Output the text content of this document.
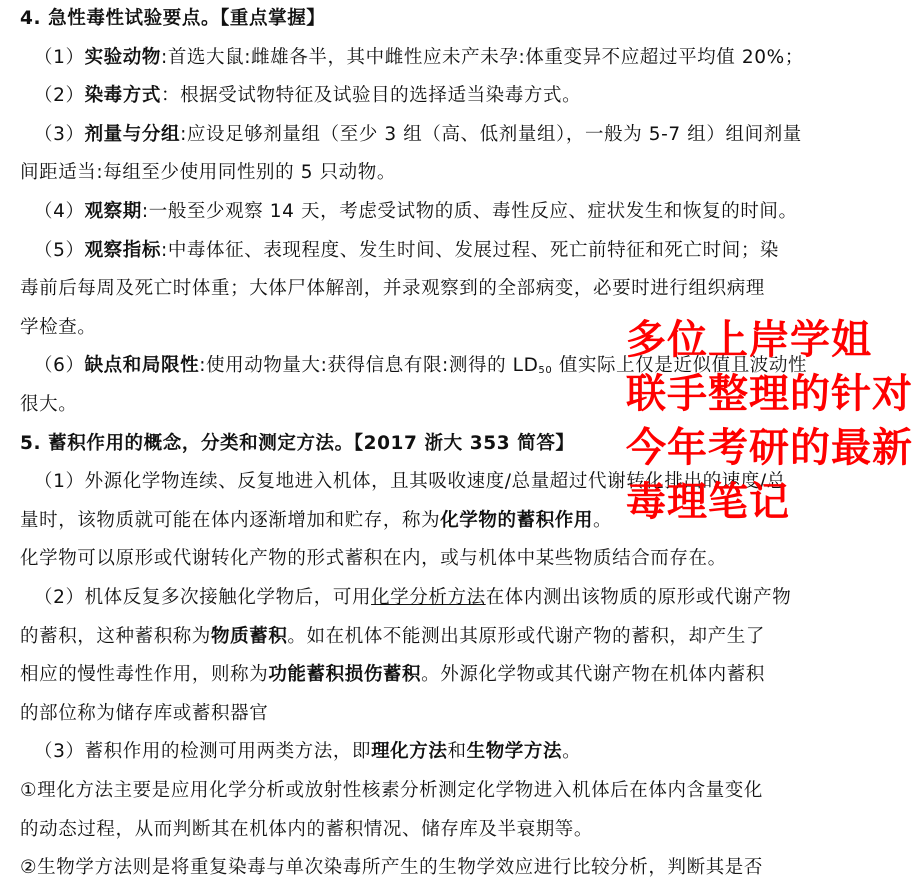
4. 急性毒性试验要点。【重点掌握】
（1）实验动物:首选大鼠:雌雄各半，其中雌性应未产未孕:体重变异不应超过平均值 20%；
（2）染毒方式：根据受试物特征及试验目的选择适当染毒方式。
（3）剂量与分组:应设足够剂量组（至少 3 组（高、低剂量组），一般为 5-7 组）组间剂量
间距适当:每组至少使用同性别的 5 只动物。
（4）观察期:一般至少观察 14 天，考虑受试物的质、毒性反应、症状发生和恢复的时间。
（5）观察指标:中毒体征、表现程度、发生时间、发展过程、死亡前特征和死亡时间；染
毒前后每周及死亡时体重；大体尸体解剖，并录观察到的全部病变，必要时进行组织病理
学检查。
（6）缺点和局限性:使用动物量大:获得信息有限:测得的 $LD_{50}$ 值实际上仅是近似值且波动性
很大。
5. 蓄积作用的概念，分类和测定方法。【2017 浙大 353 简答】
（1）外源化学物连续、反复地进入机体，且其吸收速度/总量超过代谢转化排出的速度/总
量时，该物质就可能在体内逐渐增加和贮存，称为化学物的蓄积作用。
化学物可以原形或代谢转化产物的形式蓄积在内，或与机体中某些物质结合而存在。
（2）机体反复多次接触化学物后，可用化学分析方法在体内测出该物质的原形或代谢产物
的蓄积，这种蓄积称为物质蓄积。如在机体不能测出其原形或代谢产物的蓄积，却产生了
相应的慢性毒性作用，则称为功能蓄积损伤蓄积。外源化学物或其代谢产物在机体内蓄积
的部位称为储存库或蓄积器官
（3）蓄积作用的检测可用两类方法，即理化方法和生物学方法。
①理化方法主要是应用化学分析或放射性核素分析测定化学物进入机体后在体内含量变化
的动态过程，从而判断其在机体内的蓄积情况、储存库及半衰期等。
②生物学方法则是将重复染毒与单次染毒所产生的生物学效应进行比较分析，判断其是否
多位上岸学姐
联手整理的针对
今年考研的最新
毒理笔记
